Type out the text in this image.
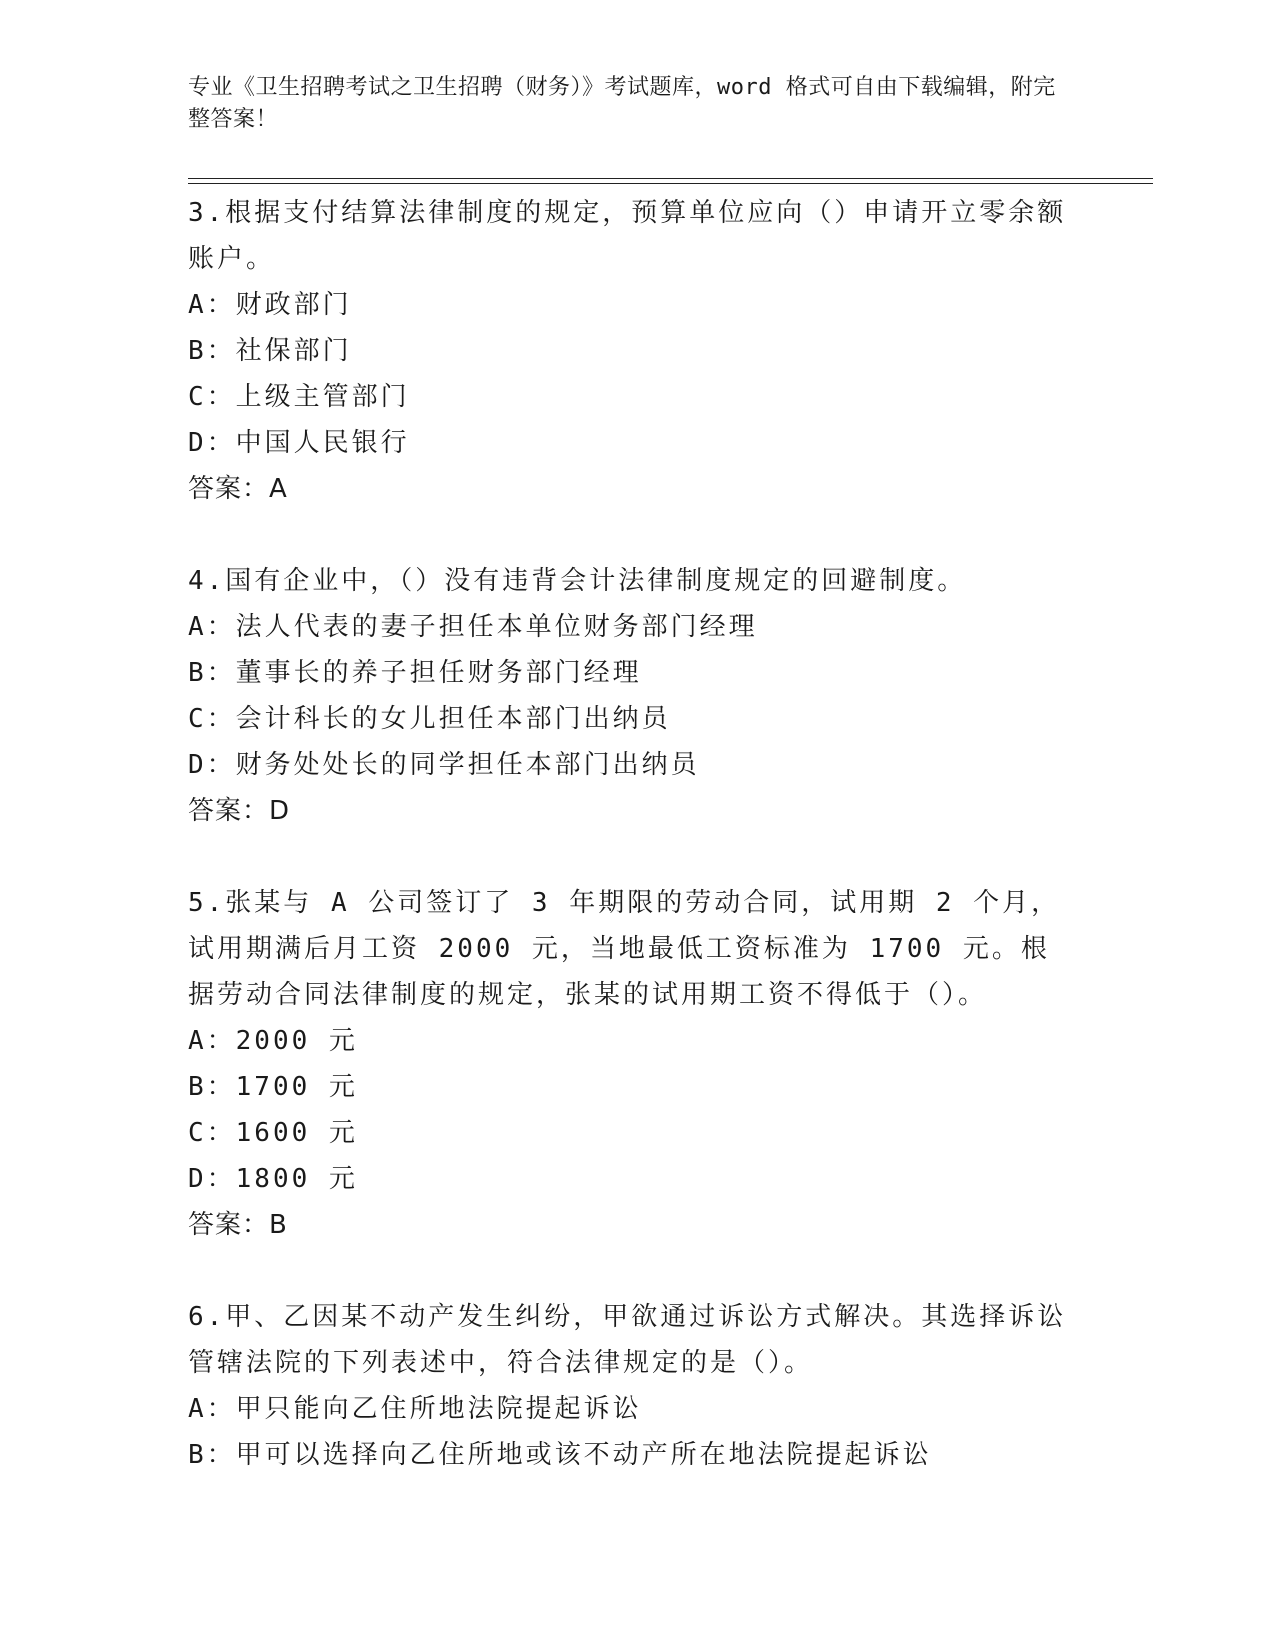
专业《卫生招聘考试之卫生招聘（财务）》考试题库，word 格式可自由下载编辑，附完整答案！
3.根据支付结算法律制度的规定，预算单位应向（）申请开立零余额账户。
A：财政部门
B：社保部门
C：上级主管部门
D：中国人民银行
答案：A
4.国有企业中，（）没有违背会计法律制度规定的回避制度。
A：法人代表的妻子担任本单位财务部门经理
B：董事长的养子担任财务部门经理
C：会计科长的女儿担任本部门出纳员
D：财务处处长的同学担任本部门出纳员
答案：D
5.张某与 A 公司签订了 3 年期限的劳动合同，试用期 2 个月，试用期满后月工资 2000 元，当地最低工资标准为 1700 元。根据劳动合同法律制度的规定，张某的试用期工资不得低于（）。
A：2000 元
B：1700 元
C：1600 元
D：1800 元
答案：B
6.甲、乙因某不动产发生纠纷，甲欲通过诉讼方式解决。其选择诉讼管辖法院的下列表述中，符合法律规定的是（）。
A：甲只能向乙住所地法院提起诉讼
B：甲可以选择向乙住所地或该不动产所在地法院提起诉讼
